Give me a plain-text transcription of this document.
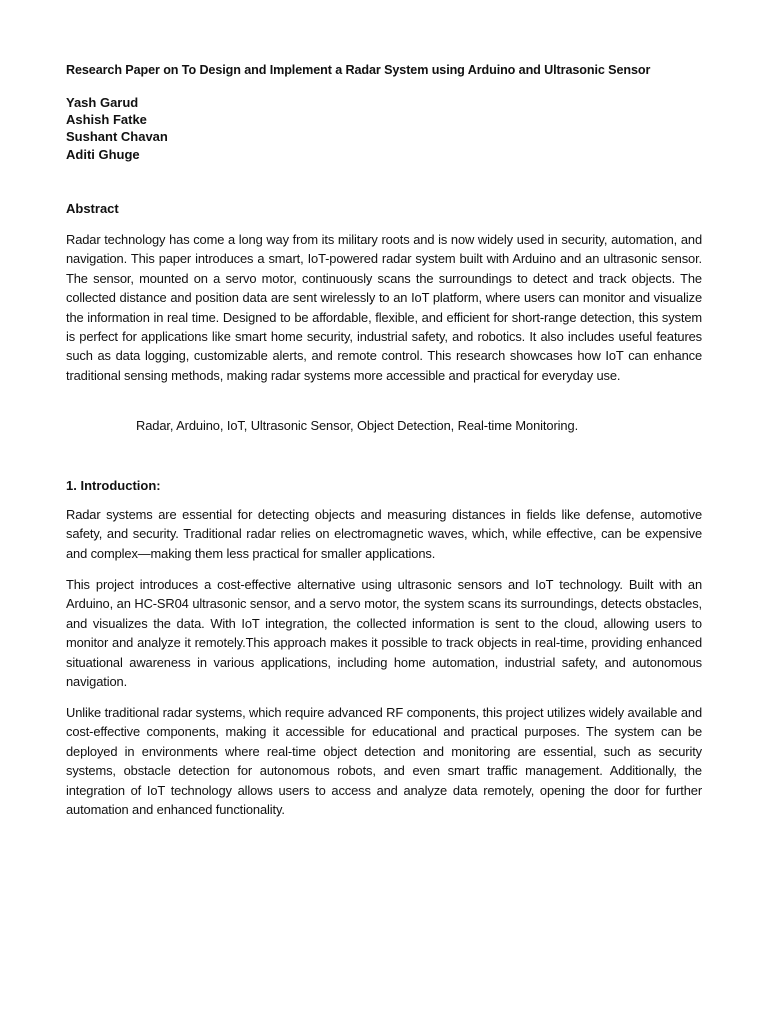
Research Paper on To Design and Implement a Radar System using Arduino and Ultrasonic Sensor
Yash Garud
Ashish Fatke
Sushant Chavan
Aditi Ghuge
Abstract
Radar technology has come a long way from its military roots and is now widely used in security, automation, and navigation. This paper introduces a smart, IoT-powered radar system built with Arduino and an ultrasonic sensor. The sensor, mounted on a servo motor, continuously scans the surroundings to detect and track objects. The collected distance and position data are sent wirelessly to an IoT platform, where users can monitor and visualize the information in real time. Designed to be affordable, flexible, and efficient for short-range detection, this system is perfect for applications like smart home security, industrial safety, and robotics. It also includes useful features such as data logging, customizable alerts, and remote control. This research showcases how IoT can enhance traditional sensing methods, making radar systems more accessible and practical for everyday use.
Radar, Arduino, IoT, Ultrasonic Sensor, Object Detection, Real-time Monitoring.
1. Introduction:
Radar systems are essential for detecting objects and measuring distances in fields like defense, automotive safety, and security. Traditional radar relies on electromagnetic waves, which, while effective, can be expensive and complex—making them less practical for smaller applications.
This project introduces a cost-effective alternative using ultrasonic sensors and IoT technology. Built with an Arduino, an HC-SR04 ultrasonic sensor, and a servo motor, the system scans its surroundings, detects obstacles, and visualizes the data. With IoT integration, the collected information is sent to the cloud, allowing users to monitor and analyze it remotely.This approach makes it possible to track objects in real-time, providing enhanced situational awareness in various applications, including home automation, industrial safety, and autonomous navigation.
Unlike traditional radar systems, which require advanced RF components, this project utilizes widely available and cost-effective components, making it accessible for educational and practical purposes. The system can be deployed in environments where real-time object detection and monitoring are essential, such as security systems, obstacle detection for autonomous robots, and even smart traffic management. Additionally, the integration of IoT technology allows users to access and analyze data remotely, opening the door for further automation and enhanced functionality.
